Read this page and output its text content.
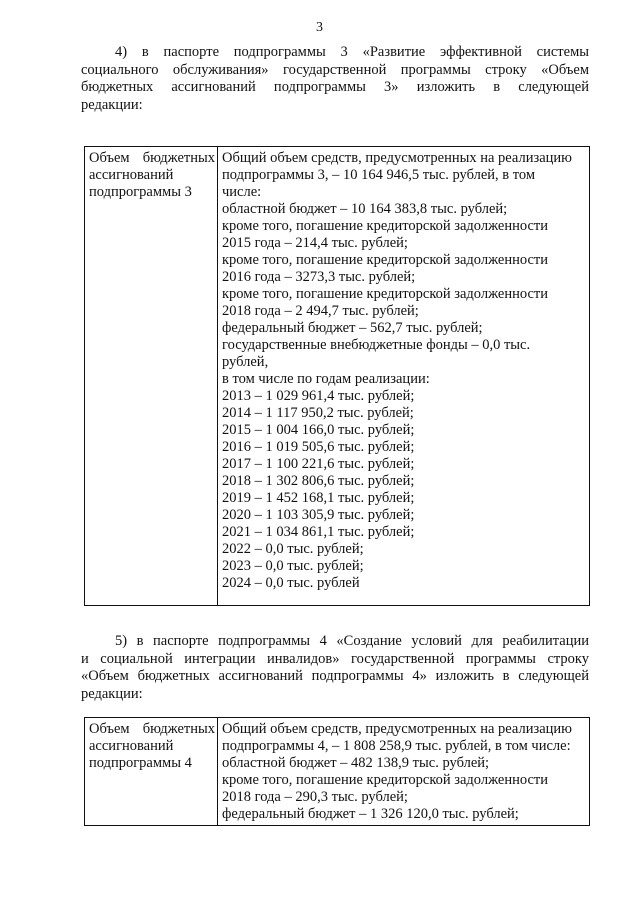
3
4) в паспорте подпрограммы 3 «Развитие эффективной системы
социального обслуживания» государственной программы строку «Объем
бюджетных ассигнований подпрограммы 3» изложить в следующей
редакции:
Объем бюджетных
ассигнований
подпрограммы 3
Общий объем средств, предусмотренных на реализацию
подпрограммы 3, – 10 164 946,5 тыс. рублей, в том
числе:
областной бюджет – 10 164 383,8 тыс. рублей;
кроме того, погашение кредиторской задолженности
2015 года – 214,4 тыс. рублей;
кроме того, погашение кредиторской задолженности
2016 года – 3273,3 тыс. рублей;
кроме того, погашение кредиторской задолженности
2018 года – 2 494,7 тыс. рублей;
федеральный бюджет – 562,7 тыс. рублей;
государственные внебюджетные фонды – 0,0 тыс.
рублей,
в том числе по годам реализации:
2013 – 1 029 961,4 тыс. рублей;
2014 – 1 117 950,2 тыс. рублей;
2015 – 1 004 166,0 тыс. рублей;
2016 – 1 019 505,6 тыс. рублей;
2017 – 1 100 221,6 тыс. рублей;
2018 – 1 302 806,6 тыс. рублей;
2019 – 1 452 168,1 тыс. рублей;
2020 – 1 103 305,9 тыс. рублей;
2021 – 1 034 861,1 тыс. рублей;
2022 – 0,0 тыс. рублей;
2023 – 0,0 тыс. рублей;
2024 – 0,0 тыс. рублей
5) в паспорте подпрограммы 4 «Создание условий для реабилитации
и социальной интеграции инвалидов» государственной программы строку
«Объем бюджетных ассигнований подпрограммы 4» изложить в следующей
редакции:
Объем бюджетных
ассигнований
подпрограммы 4
Общий объем средств, предусмотренных на реализацию
подпрограммы 4, – 1 808 258,9 тыс. рублей, в том числе:
областной бюджет – 482 138,9 тыс. рублей;
кроме того, погашение кредиторской задолженности
2018 года – 290,3 тыс. рублей;
федеральный бюджет – 1 326 120,0 тыс. рублей;
